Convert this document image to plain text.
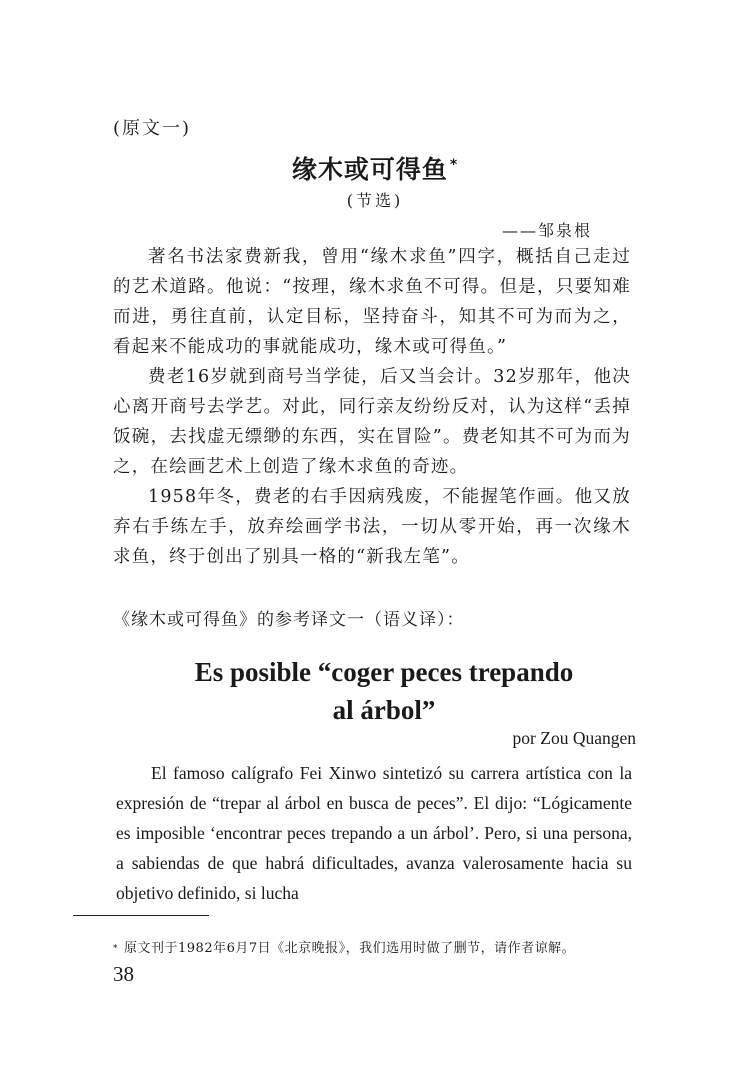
(原文一)
缘木或可得鱼 *
(节选)
——邹泉根

著名书法家费新我，曾用“缘木求鱼”四字，概括自己走过的艺术道路。他说：“按理，缘木求鱼不可得。但是，只要知难而进，勇往直前，认定目标，坚持奋斗，知其不可为而为之，看起来不能成功的事就能成功，缘木或可得鱼。”

费老16岁就到商号当学徒，后又当会计。32岁那年，他决心离开商号去学艺。对此，同行亲友纷纷反对，认为这样“丢掉饭碗，去找虚无缥缈的东西，实在冒险”。费老知其不可为而为之，在绘画艺术上创造了缘木求鱼的奇迹。

1958年冬，费老的右手因病残废，不能握笔作画。他又放弃右手练左手，放弃绘画学书法，一切从零开始，再一次缘木求鱼，终于创出了别具一格的“新我左笔”。

《缘木或可得鱼》的参考译文一（语义译）：
Es posible “coger peces trepando
al árbol”
por Zou Quangen

El famoso calígrafo Fei Xinwo sintetizó su carrera artística con la expresión de “trepar al árbol en busca de peces”. El dijo: “Lógicamente es imposible ‘encontrar peces trepando a un árbol’. Pero, si una persona, a sabiendas de que habrá dificultades, avanza valerosamente hacia su objetivo definido, si lucha

* 原文刊于1982年6月7日《北京晚报》，我们选用时做了删节，请作者谅解。
38
